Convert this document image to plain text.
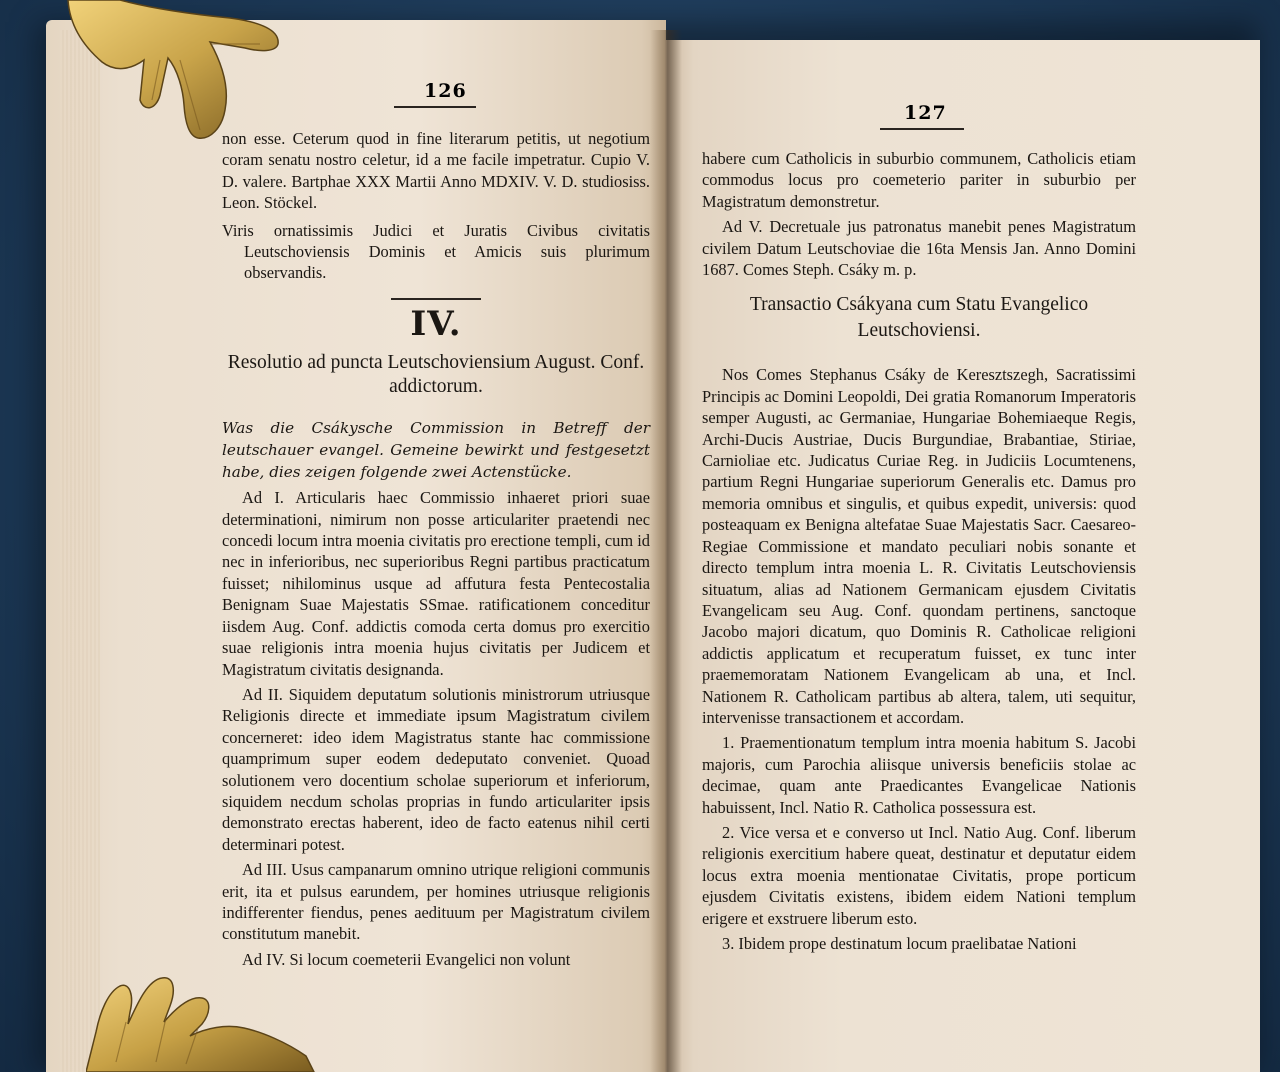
126

non esse. Ceterum quod in fine literarum petitis, ut negotium coram senatu nostro celetur, id a me facile impetratur. Cupio V. D. valere. Bartphae XXX Martii Anno MDXIV. V. D. studiosiss. Leon. Stöckel.

Viris ornatissimis Judici et Juratis Civibus civitatis Leutschoviensis Dominis et Amicis suis plurimum observandis.

IV.
Resolutio ad puncta Leutschoviensium August. Conf. addictorum.

Was die Csákysche Commission in Betreff der leutschauer evangel. Gemeine bewirkt und festgesetzt habe, dies zeigen folgende zwei Actenstücke.

Ad I. Articularis haec Commissio inhaeret priori suae determinationi, nimirum non posse articulariter praetendi nec concedi locum intra moenia civitatis pro erectione templi, cum id nec in inferioribus, nec superioribus Regni partibus practicatum fuisset; nihilominus usque ad affutura festa Pentecostalia Benignam Suae Majestatis SSmae. ratificationem conceditur iisdem Aug. Conf. addictis comoda certa domus pro exercitio suae religionis intra moenia hujus civitatis per Judicem et Magistratum civitatis designanda.

Ad II. Siquidem deputatum solutionis ministrorum utriusque Religionis directe et immediate ipsum Magistratum civilem concerneret: ideo idem Magistratus stante hac commissione quamprimum super eodem dedeputato conveniet. Quoad solutionem vero docentium scholae superiorum et inferiorum, siquidem necdum scholas proprias in fundo articulariter ipsis demonstrato erectas haberent, ideo de facto eatenus nihil certi determinari potest.

Ad III. Usus campanarum omnino utrique religioni communis erit, ita et pulsus earundem, per homines utriusque religionis indifferenter fiendus, penes aedituum per Magistratum civilem constitutum manebit.

Ad IV. Si locum coemeterii Evangelici non volunt

127

habere cum Catholicis in suburbio communem, Catholicis etiam commodus locus pro coemeterio pariter in suburbio per Magistratum demonstretur.

Ad V. Decretuale jus patronatus manebit penes Magistratum civilem Datum Leutschoviae die 16ta Mensis Jan. Anno Domini 1687. Comes Steph. Csáky m. p.

Transactio Csákyana cum Statu Evangelico Leutschoviensi.

Nos Comes Stephanus Csáky de Keresztszegh, Sacratissimi Principis ac Domini Leopoldi, Dei gratia Romanorum Imperatoris semper Augusti, ac Germaniae, Hungariae Bohemiaeque Regis, Archi-Ducis Austriae, Ducis Burgundiae, Brabantiae, Stiriae, Carnioliae etc. Judicatus Curiae Reg. in Judiciis Locumtenens, partium Regni Hungariae superiorum Generalis etc. Damus pro memoria omnibus et singulis, et quibus expedit, universis: quod posteaquam ex Benigna altefatae Suae Majestatis Sacr. Caesareo-Regiae Commissione et mandato peculiari nobis sonante et directo templum intra moenia L. R. Civitatis Leutschoviensis situatum, alias ad Nationem Germanicam ejusdem Civitatis Evangelicam seu Aug. Conf. quondam pertinens, sanctoque Jacobo majori dicatum, quo Dominis R. Catholicae religioni addictis applicatum et recuperatum fuisset, ex tunc inter praememoratam Nationem Evangelicam ab una, et Incl. Nationem R. Catholicam partibus ab altera, talem, uti sequitur, intervenisse transactionem et accordam.

1. Praementionatum templum intra moenia habitum S. Jacobi majoris, cum Parochia aliisque universis beneficiis stolae ac decimae, quam ante Praedicantes Evangelicae Nationis habuissent, Incl. Natio R. Catholica possessura est.

2. Vice versa et e converso ut Incl. Natio Aug. Conf. liberum religionis exercitium habere queat, destinatur et deputatur eidem locus extra moenia mentionatae Civitatis, prope porticum ejusdem Civitatis existens, ibidem eidem Nationi templum erigere et exstruere liberum esto.

3. Ibidem prope destinatum locum praelibatae Nationi
